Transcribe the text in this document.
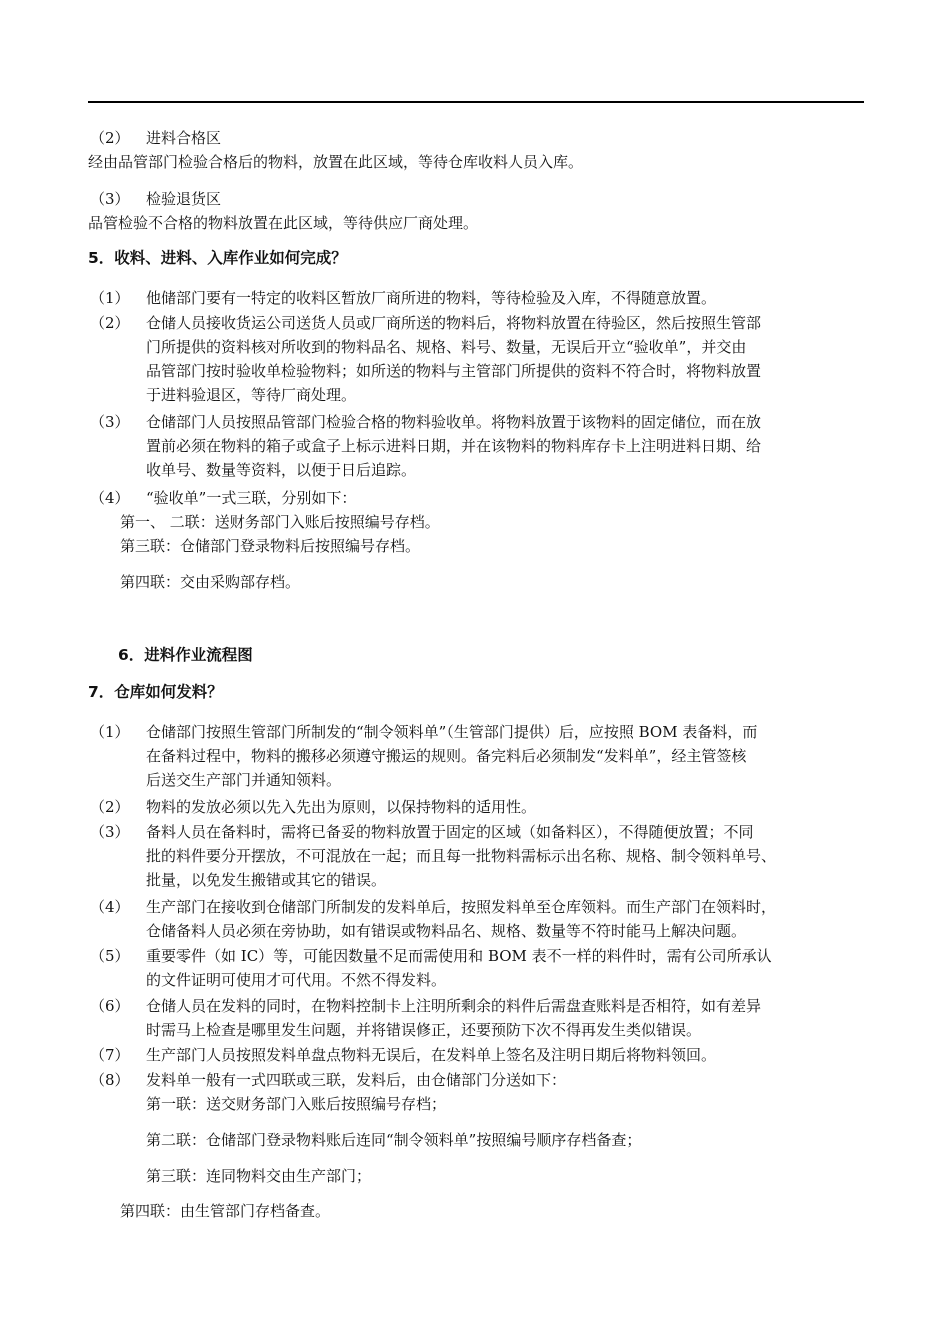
（2） 进料合格区
经由品管部门检验合格后的物料，放置在此区域，等待仓库收料人员入库。
（3） 检验退货区
品管检验不合格的物料放置在此区域，等待供应厂商处理。
5．收料、进料、入库作业如何完成？
（1）	他储部门要有一特定的收料区暂放厂商所进的物料，等待检验及入库，不得随意放置。
（2）	仓储人员接收货运公司送货人员或厂商所送的物料后，将物料放置在待验区，然后按照生管部
门所提供的资料核对所收到的物料品名、规格、料号、数量，无误后开立“验收单”，并交由
品管部门按时验收单检验物料；如所送的物料与主管部门所提供的资料不符合时，将物料放置
于进料验退区，等待厂商处理。
（3）	仓储部门人员按照品管部门检验合格的物料验收单。将物料放置于该物料的固定储位，而在放
置前必须在物料的箱子或盒子上标示进料日期，并在该物料的物料库存卡上注明进料日期、给
收单号、数量等资料，以便于日后追踪。
（4）	“验收单”一式三联，分别如下：
第一、 二联：送财务部门入账后按照编号存档。
第三联：仓储部门登录物料后按照编号存档。
第四联：交由采购部存档。
6．进料作业流程图
7．仓库如何发料？
（1）	仓储部门按照生管部门所制发的“制令领料单”（生管部门提供）后，应按照 BOM 表备料，而
在备料过程中，物料的搬移必须遵守搬运的规则。备完料后必须制发“发料单”，经主管签核
后送交生产部门并通知领料。
（2）	物料的发放必须以先入先出为原则，以保持物料的适用性。
（3）	备料人员在备料时，需将已备妥的物料放置于固定的区域（如备料区），不得随便放置；不同
批的料件要分开摆放，不可混放在一起；而且每一批物料需标示出名称、规格、制令领料单号、
批量，以免发生搬错或其它的错误。
（4）	生产部门在接收到仓储部门所制发的发料单后，按照发料单至仓库领料。而生产部门在领料时，
仓储备料人员必须在旁协助，如有错误或物料品名、规格、数量等不符时能马上解决问题。
（5）	重要零件（如 IC）等，可能因数量不足而需使用和 BOM 表不一样的料件时，需有公司所承认
的文件证明可使用才可代用。不然不得发料。
（6）	仓储人员在发料的同时，在物料控制卡上注明所剩余的料件后需盘查账料是否相符，如有差异
时需马上检查是哪里发生问题，并将错误修正，还要预防下次不得再发生类似错误。
（7）	生产部门人员按照发料单盘点物料无误后，在发料单上签名及注明日期后将物料领回。
（8）	发料单一般有一式四联或三联，发料后，由仓储部门分送如下：
第一联：送交财务部门入账后按照编号存档；
第二联：仓储部门登录物料账后连同“制令领料单”按照编号顺序存档备查；
第三联：连同物料交由生产部门；
第四联：由生管部门存档备查。
